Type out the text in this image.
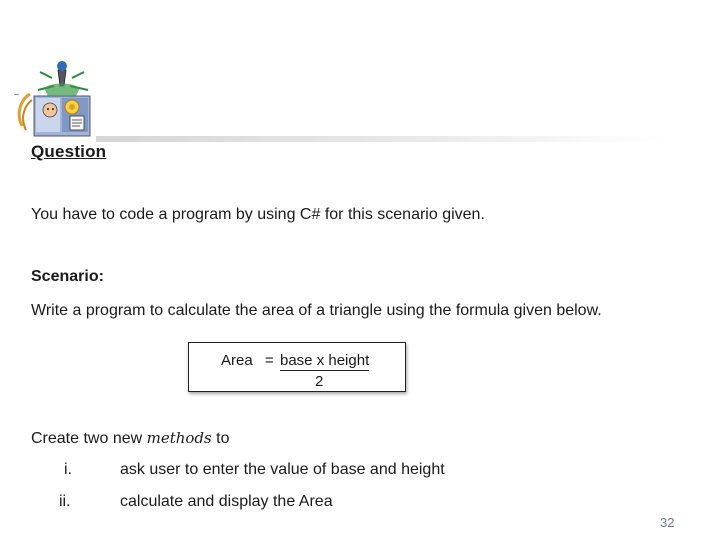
Question
You have to code a program by using C# for this scenario given.
Scenario:
Write a program to calculate the area of a triangle using the formula given below.
Area = base x height
2
Create two new methods to
i.	ask user to enter the value of base and height
ii.	calculate and display the Area
32
